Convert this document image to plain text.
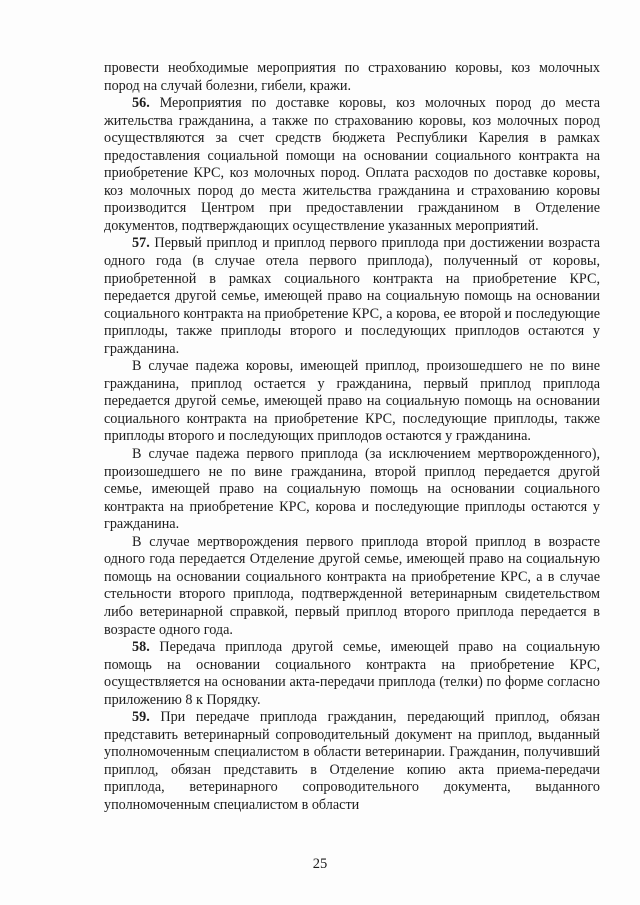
провести необходимые мероприятия по страхованию коровы, коз молочных пород на случай болезни, гибели, кражи.

56. Мероприятия по доставке коровы, коз молочных пород до места жительства гражданина, а также по страхованию коровы, коз молочных пород осуществляются за счет средств бюджета Республики Карелия в рамках предоставления социальной помощи на основании социального контракта на приобретение КРС, коз молочных пород. Оплата расходов по доставке коровы, коз молочных пород до места жительства гражданина и страхованию коровы производится Центром при предоставлении гражданином в Отделение документов, подтверждающих осуществление указанных мероприятий.

57. Первый приплод и приплод первого приплода при достижении возраста одного года (в случае отела первого приплода), полученный от коровы, приобретенной в рамках социального контракта на приобретение КРС, передается другой семье, имеющей право на социальную помощь на основании социального контракта на приобретение КРС, а корова, ее второй и последующие приплоды, также приплоды второго и последующих приплодов остаются у гражданина.

В случае падежа коровы, имеющей приплод, произошедшего не по вине гражданина, приплод остается у гражданина, первый приплод приплода передается другой семье, имеющей право на социальную помощь на основании социального контракта на приобретение КРС, последующие приплоды, также приплоды второго и последующих приплодов остаются у гражданина.

В случае падежа первого приплода (за исключением мертворожденного), произошедшего не по вине гражданина, второй приплод передается другой семье, имеющей право на социальную помощь на основании социального контракта на приобретение КРС, корова и последующие приплоды остаются у гражданина.

В случае мертворождения первого приплода второй приплод в возрасте одного года передается Отделение другой семье, имеющей право на социальную помощь на основании социального контракта на приобретение КРС, а в случае стельности второго приплода, подтвержденной ветеринарным свидетельством либо ветеринарной справкой, первый приплод второго приплода передается в возрасте одного года.

58. Передача приплода другой семье, имеющей право на социальную помощь на основании социального контракта на приобретение КРС, осуществляется на основании акта-передачи приплода (телки) по форме согласно приложению 8 к Порядку.

59. При передаче приплода гражданин, передающий приплод, обязан представить ветеринарный сопроводительный документ на приплод, выданный уполномоченным специалистом в области ветеринарии. Гражданин, получивший приплод, обязан представить в Отделение копию акта приема-передачи приплода, ветеринарного сопроводительного документа, выданного уполномоченным специалистом в области

25
